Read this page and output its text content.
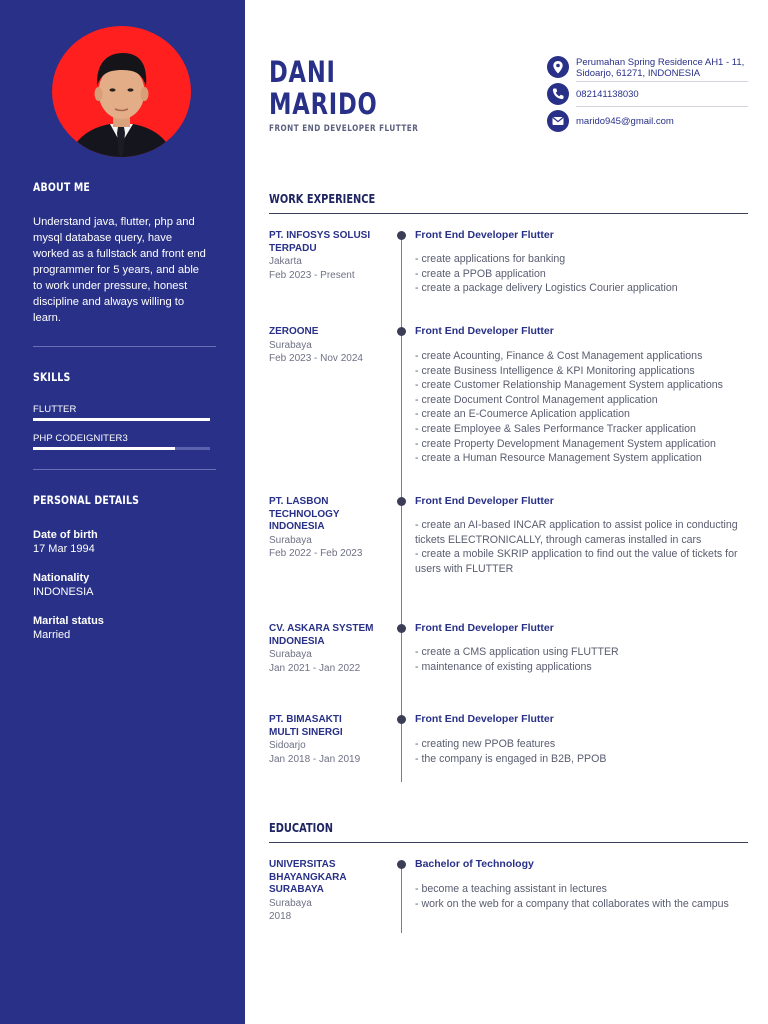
ABOUT ME
Understand java, flutter, php and mysql database query, have worked as a fullstack and front end programmer for 5 years, and able to work under pressure, honest discipline and always willing to learn.
SKILLS
FLUTTER
PHP CODEIGNITER3
PERSONAL DETAILS
Date of birth
17 Mar 1994
Nationality
INDONESIA
Marital status
Married
DANI
MARIDO
FRONT END DEVELOPER FLUTTER
Perumahan Spring Residence AH1 - 11, Sidoarjo, 61271, INDONESIA
082141138030
marido945@gmail.com
WORK EXPERIENCE
PT. INFOSYS SOLUSI TERPADU
Jakarta
Feb 2023 - Present
Front End Developer Flutter
- create applications for banking
- create a PPOB application
- create a package delivery Logistics Courier application
ZEROONE
Surabaya
Feb 2023 - Nov 2024
Front End Developer Flutter
- create Acounting, Finance & Cost Management applications
- create Business Intelligence & KPI Monitoring applications
- create Customer Relationship Management System applications
- create Document Control Management application
- create an E-Coumerce Aplication application
- create Employee & Sales Performance Tracker application
- create Property Development Management System application
- create a Human Resource Management System application
PT. LASBON TECHNOLOGY INDONESIA
Surabaya
Feb 2022 - Feb 2023
Front End Developer Flutter
- create an AI-based INCAR application to assist police in conducting tickets ELECTRONICALLY, through cameras installed in cars
- create a mobile SKRIP application to find out the value of tickets for users with FLUTTER
CV. ASKARA SYSTEM INDONESIA
Surabaya
Jan 2021 - Jan 2022
Front End Developer Flutter
- create a CMS application using FLUTTER
- maintenance of existing applications
PT. BIMASAKTI MULTI SINERGI
Sidoarjo
Jan 2018 - Jan 2019
Front End Developer Flutter
- creating new PPOB features
- the company is engaged in B2B, PPOB
EDUCATION
UNIVERSITAS BHAYANGKARA SURABAYA
Surabaya
2018
Bachelor of Technology
- become a teaching assistant in lectures
- work on the web for a company that collaborates with the campus
